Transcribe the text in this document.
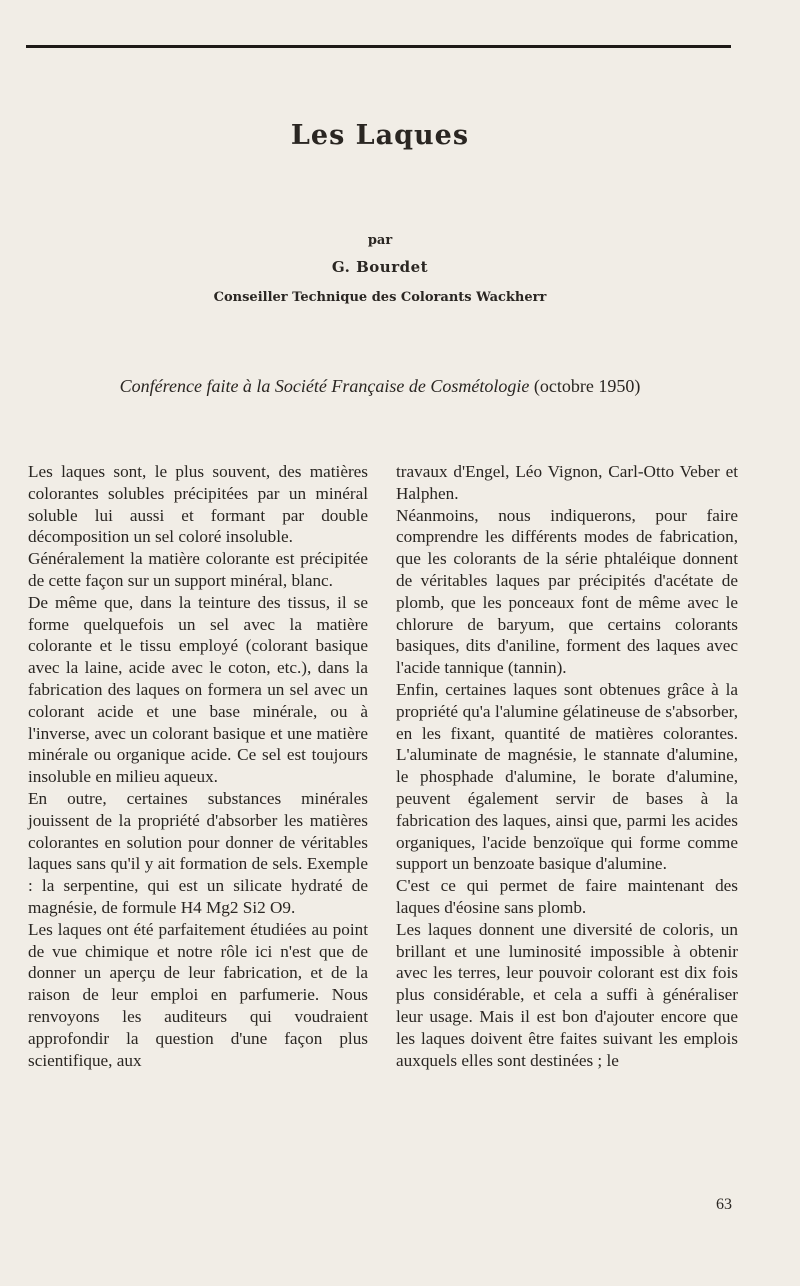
Les Laques
par
G. Bourdet
Conseiller Technique des Colorants Wackherr
Conférence faite à la Société Française de Cosmétologie (octobre 1950)

Les laques sont, le plus souvent, des matières colorantes solubles précipitées par un minéral soluble lui aussi et formant par double décomposition un sel coloré insoluble.

Généralement la matière colorante est précipitée de cette façon sur un support minéral, blanc.

De même que, dans la teinture des tissus, il se forme quelquefois un sel avec la matière colorante et le tissu employé (colorant basique avec la laine, acide avec le coton, etc.), dans la fabrication des laques on formera un sel avec un colorant acide et une base minérale, ou à l'inverse, avec un colorant basique et une matière minérale ou organique acide. Ce sel est toujours insoluble en milieu aqueux.

En outre, certaines substances minérales jouissent de la propriété d'absorber les matières colorantes en solution pour donner de véritables laques sans qu'il y ait formation de sels. Exemple : la serpentine, qui est un silicate hydraté de magnésie, de formule H4 Mg2 Si2 O9.

Les laques ont été parfaitement étudiées au point de vue chimique et notre rôle ici n'est que de donner un aperçu de leur fabrication, et de la raison de leur emploi en parfumerie. Nous renvoyons les auditeurs qui voudraient approfondir la question d'une façon plus scientifique, aux

travaux d'Engel, Léo Vignon, Carl-Otto Veber et Halphen.

Néanmoins, nous indiquerons, pour faire comprendre les différents modes de fabrication, que les colorants de la série phtaléique donnent de véritables laques par précipités d'acétate de plomb, que les ponceaux font de même avec le chlorure de baryum, que certains colorants basiques, dits d'aniline, forment des laques avec l'acide tannique (tannin).

Enfin, certaines laques sont obtenues grâce à la propriété qu'a l'alumine gélatineuse de s'absorber, en les fixant, quantité de matières colorantes. L'aluminate de magnésie, le stannate d'alumine, le phosphade d'alumine, le borate d'alumine, peuvent également servir de bases à la fabrication des laques, ainsi que, parmi les acides organiques, l'acide benzoïque qui forme comme support un benzoate basique d'alumine.

C'est ce qui permet de faire maintenant des laques d'éosine sans plomb.

Les laques donnent une diversité de coloris, un brillant et une luminosité impossible à obtenir avec les terres, leur pouvoir colorant est dix fois plus considérable, et cela a suffi à généraliser leur usage. Mais il est bon d'ajouter encore que les laques doivent être faites suivant les emplois auxquels elles sont destinées ; le

63
